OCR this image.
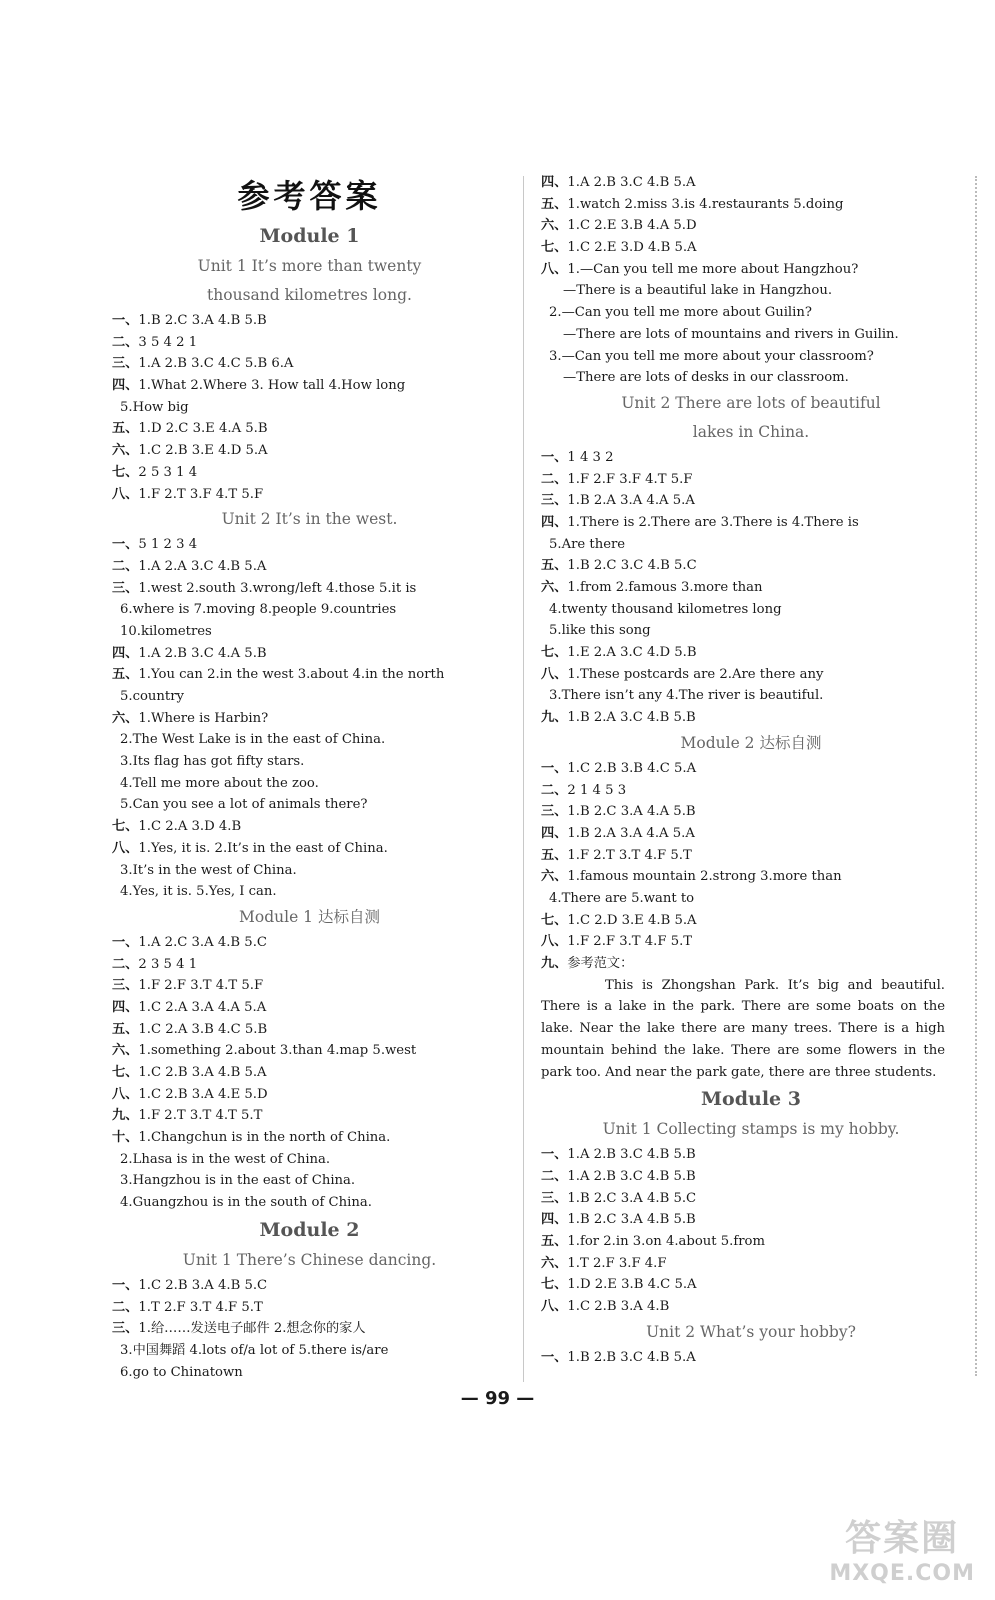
参考答案
Module 1
Unit 1 It’s more than twenty
thousand kilometres long.
一、1.B 2.C 3.A 4.B 5.B
二、3 5 4 2 1
三、1.A 2.B 3.C 4.C 5.B 6.A
四、1.What 2.Where 3. How tall 4.How long
5.How big
五、1.D 2.C 3.E 4.A 5.B
六、1.C 2.B 3.E 4.D 5.A
七、2 5 3 1 4
八、1.F 2.T 3.F 4.T 5.F
Unit 2 It’s in the west.
一、5 1 2 3 4
二、1.A 2.A 3.C 4.B 5.A
三、1.west 2.south 3.wrong/left 4.those 5.it is
6.where is 7.moving 8.people 9.countries
10.kilometres
四、1.A 2.B 3.C 4.A 5.B
五、1.You can 2.in the west 3.about 4.in the north
5.country
六、1.Where is Harbin?
2.The West Lake is in the east of China.
3.Its flag has got fifty stars.
4.Tell me more about the zoo.
5.Can you see a lot of animals there?
七、1.C 2.A 3.D 4.B
八、1.Yes, it is. 2.It’s in the east of China.
3.It’s in the west of China.
4.Yes, it is. 5.Yes, I can.
Module 1 达标自测
一、1.A 2.C 3.A 4.B 5.C
二、2 3 5 4 1
三、1.F 2.F 3.T 4.T 5.F
四、1.C 2.A 3.A 4.A 5.A
五、1.C 2.A 3.B 4.C 5.B
六、1.something 2.about 3.than 4.map 5.west
七、1.C 2.B 3.A 4.B 5.A
八、1.C 2.B 3.A 4.E 5.D
九、1.F 2.T 3.T 4.T 5.T
十、1.Changchun is in the north of China.
2.Lhasa is in the west of China.
3.Hangzhou is in the east of China.
4.Guangzhou is in the south of China.
Module 2
Unit 1 There’s Chinese dancing.
一、1.C 2.B 3.A 4.B 5.C
二、1.T 2.F 3.T 4.F 5.T
三、1.给……发送电子邮件 2.想念你的家人
3.中国舞蹈 4.lots of/a lot of 5.there is/are
6.go to Chinatown
四、1.A 2.B 3.C 4.B 5.A
五、1.watch 2.miss 3.is 4.restaurants 5.doing
六、1.C 2.E 3.B 4.A 5.D
七、1.C 2.E 3.D 4.B 5.A
八、1.—Can you tell me more about Hangzhou?
—There is a beautiful lake in Hangzhou.
2.—Can you tell me more about Guilin?
—There are lots of mountains and rivers in Guilin.
3.—Can you tell me more about your classroom?
—There are lots of desks in our classroom.
Unit 2 There are lots of beautiful
lakes in China.
一、1 4 3 2
二、1.F 2.F 3.F 4.T 5.F
三、1.B 2.A 3.A 4.A 5.A
四、1.There is 2.There are 3.There is 4.There is
5.Are there
五、1.B 2.C 3.C 4.B 5.C
六、1.from 2.famous 3.more than
4.twenty thousand kilometres long
5.like this song
七、1.E 2.A 3.C 4.D 5.B
八、1.These postcards are 2.Are there any
3.There isn’t any 4.The river is beautiful.
九、1.B 2.A 3.C 4.B 5.B
Module 2 达标自测
一、1.C 2.B 3.B 4.C 5.A
二、2 1 4 5 3
三、1.B 2.C 3.A 4.A 5.B
四、1.B 2.A 3.A 4.A 5.A
五、1.F 2.T 3.T 4.F 5.T
六、1.famous mountain 2.strong 3.more than
4.There are 5.want to
七、1.C 2.D 3.E 4.B 5.A
八、1.F 2.F 3.T 4.F 5.T
九、参考范文：

This is Zhongshan Park. It’s big and beautiful. There is a lake in the park. There are some boats on the lake. Near the lake there are many trees. There is a high mountain behind the lake. There are some flowers in the park too. And near the park gate, there are three students.

Module 3
Unit 1 Collecting stamps is my hobby.
一、1.A 2.B 3.C 4.B 5.B
二、1.A 2.B 3.C 4.B 5.B
三、1.B 2.C 3.A 4.B 5.C
四、1.B 2.C 3.A 4.B 5.B
五、1.for 2.in 3.on 4.about 5.from
六、1.T 2.F 3.F 4.F
七、1.D 2.E 3.B 4.C 5.A
八、1.C 2.B 3.A 4.B
Unit 2 What’s your hobby?
一、1.B 2.B 3.C 4.B 5.A
— 99 —
答案圈
MXQE.COM
